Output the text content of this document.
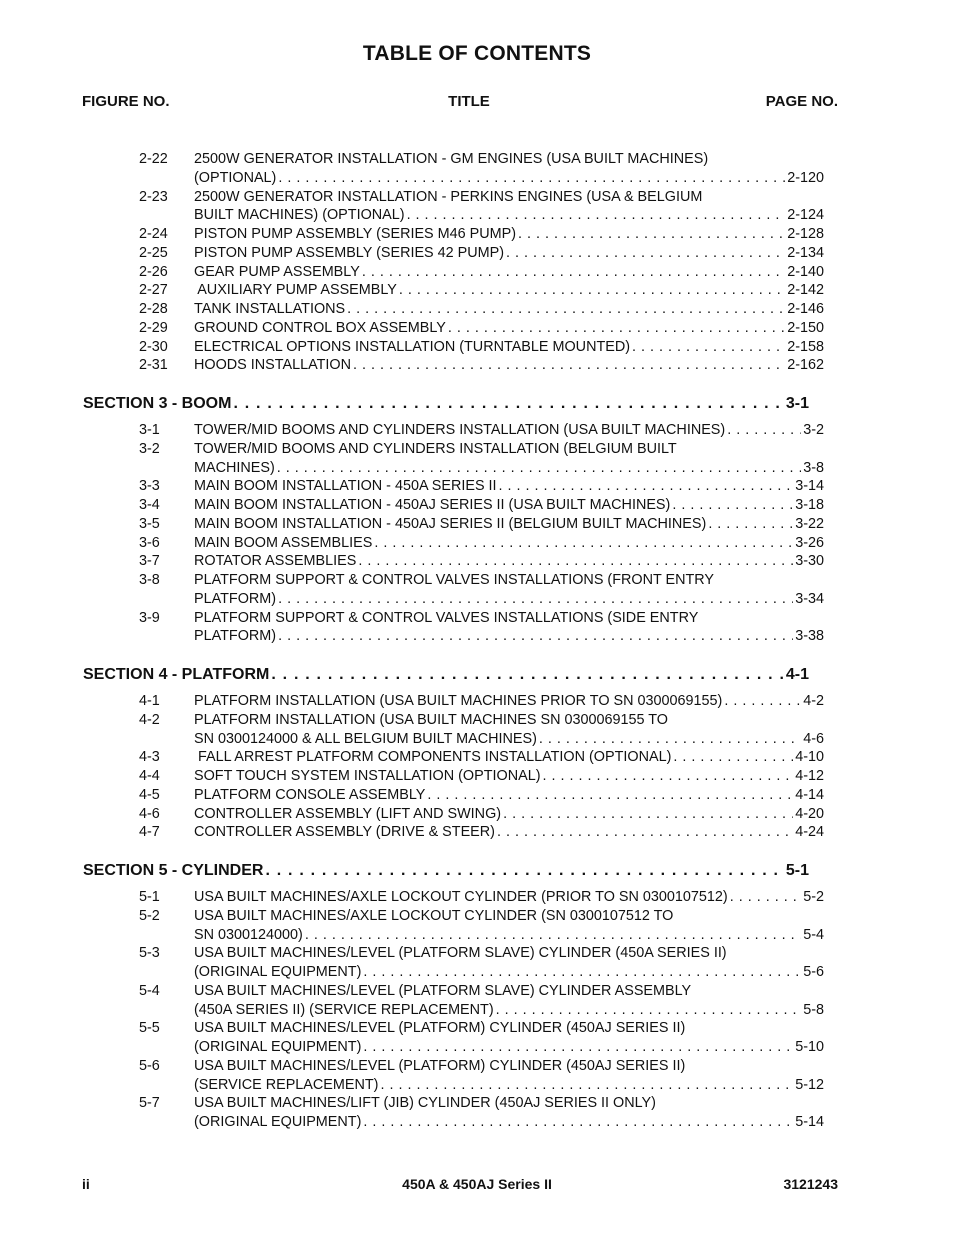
TABLE OF CONTENTS
FIGURE NO.	TITLE	PAGE NO.
2-22 2500W GENERATOR INSTALLATION - GM ENGINES (USA BUILT MACHINES)
(OPTIONAL) . . .	2-120
2-23 2500W GENERATOR INSTALLATION - PERKINS ENGINES (USA & BELGIUM
BUILT MACHINES) (OPTIONAL) . . .	2-124
2-24 PISTON PUMP ASSEMBLY (SERIES M46 PUMP) . . .	2-128
2-25 PISTON PUMP ASSEMBLY (SERIES 42 PUMP) . . .	2-134
2-26 GEAR PUMP ASSEMBLY . . .	2-140
2-27 AUXILIARY PUMP ASSEMBLY . . .	2-142
2-28 TANK INSTALLATIONS . . .	2-146
2-29 GROUND CONTROL BOX ASSEMBLY . . .	2-150
2-30 ELECTRICAL OPTIONS INSTALLATION (TURNTABLE MOUNTED) . . .	2-158
2-31 HOODS INSTALLATION . . .	2-162
SECTION 3 - BOOM . . .	3-1
3-1 TOWER/MID BOOMS AND CYLINDERS INSTALLATION (USA BUILT MACHINES) . . .	3-2
3-2 TOWER/MID BOOMS AND CYLINDERS INSTALLATION (BELGIUM BUILT
MACHINES) . . .	3-8
3-3 MAIN BOOM INSTALLATION - 450A SERIES II . . .	3-14
3-4 MAIN BOOM INSTALLATION - 450AJ SERIES II (USA BUILT MACHINES) . . .	3-18
3-5 MAIN BOOM INSTALLATION - 450AJ SERIES II (BELGIUM BUILT MACHINES) . . .	3-22
3-6 MAIN BOOM ASSEMBLIES . . .	3-26
3-7 ROTATOR ASSEMBLIES . . .	3-30
3-8 PLATFORM SUPPORT & CONTROL VALVES INSTALLATIONS (FRONT ENTRY
PLATFORM) . . .	3-34
3-9 PLATFORM SUPPORT & CONTROL VALVES INSTALLATIONS (SIDE ENTRY
PLATFORM) . . .	3-38
SECTION 4 - PLATFORM . . .	4-1
4-1 PLATFORM INSTALLATION (USA BUILT MACHINES PRIOR TO SN 0300069155) . . .	4-2
4-2 PLATFORM INSTALLATION (USA BUILT MACHINES SN 0300069155 TO
SN 0300124000 & ALL BELGIUM BUILT MACHINES) . . .	4-6
4-3 FALL ARREST PLATFORM COMPONENTS INSTALLATION (OPTIONAL) . . .	4-10
4-4 SOFT TOUCH SYSTEM INSTALLATION (OPTIONAL) . . .	4-12
4-5 PLATFORM CONSOLE ASSEMBLY . . .	4-14
4-6 CONTROLLER ASSEMBLY (LIFT AND SWING) . . .	4-20
4-7 CONTROLLER ASSEMBLY (DRIVE & STEER) . . .	4-24
SECTION 5 - CYLINDER . . .	5-1
5-1 USA BUILT MACHINES/AXLE LOCKOUT CYLINDER (PRIOR TO SN 0300107512) . . .	5-2
5-2 USA BUILT MACHINES/AXLE LOCKOUT CYLINDER (SN 0300107512 TO
SN 0300124000) . . .	5-4
5-3 USA BUILT MACHINES/LEVEL (PLATFORM SLAVE) CYLINDER (450A SERIES II)
(ORIGINAL EQUIPMENT) . . .	5-6
5-4 USA BUILT MACHINES/LEVEL (PLATFORM SLAVE) CYLINDER ASSEMBLY
(450A SERIES II) (SERVICE REPLACEMENT) . . .	5-8
5-5 USA BUILT MACHINES/LEVEL (PLATFORM) CYLINDER (450AJ SERIES II)
(ORIGINAL EQUIPMENT) . . .	5-10
5-6 USA BUILT MACHINES/LEVEL (PLATFORM) CYLINDER (450AJ SERIES II)
(SERVICE REPLACEMENT) . . .	5-12
5-7 USA BUILT MACHINES/LIFT (JIB) CYLINDER (450AJ SERIES II ONLY)
(ORIGINAL EQUIPMENT) . . .	5-14
ii	450A & 450AJ Series II	3121243
